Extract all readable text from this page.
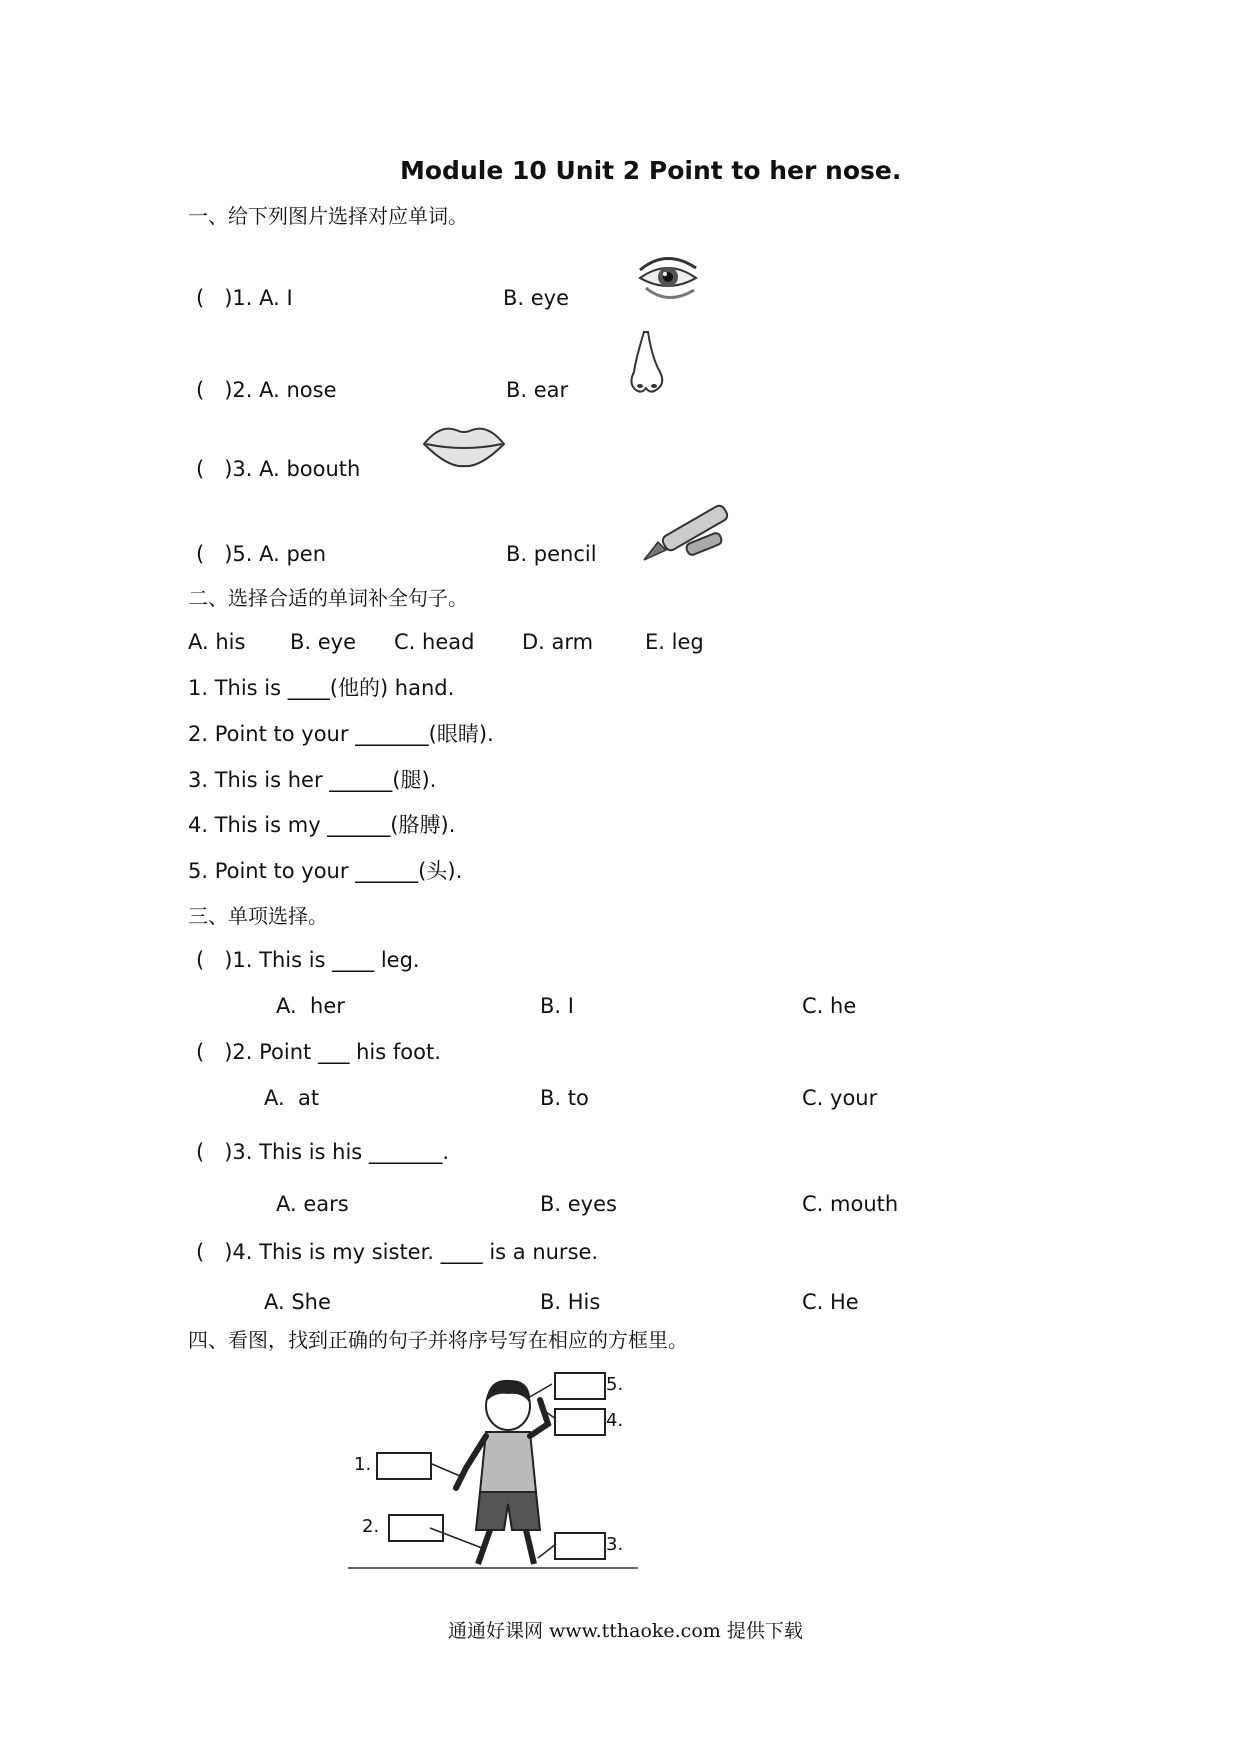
Module 10 Unit 2 Point to her nose.
一、给下列图片选择对应单词。
(   )1. A. I	B. eye
(   )2. A. nose	B. ear
(   )3. A. boouth
(   )5. A. pen	B. pencil
二、选择合适的单词补全句子。
A. his B. eye C. head D. arm E. leg
1. This is ____(他的) hand.
2. Point to your _______(眼睛).
3. This is her ______(腿).
4. This is my ______(胳膊).
5. Point to your ______(头).
三、单项选择。
(   )1. This is ____ leg.
A.  her	B. I	C. he
(   )2. Point ___ his foot.
A.  at	B. to	C. your
(   )3. This is his _______.
A. ears	B. eyes	C. mouth
(   )4. This is my sister. ____ is a nurse.
A. She	B. His	C. He
四、看图，找到正确的句子并将序号写在相应的方框里。
5.
4.
1.
2.
3.
通通好课网 www.tthaoke.com 提供下载
